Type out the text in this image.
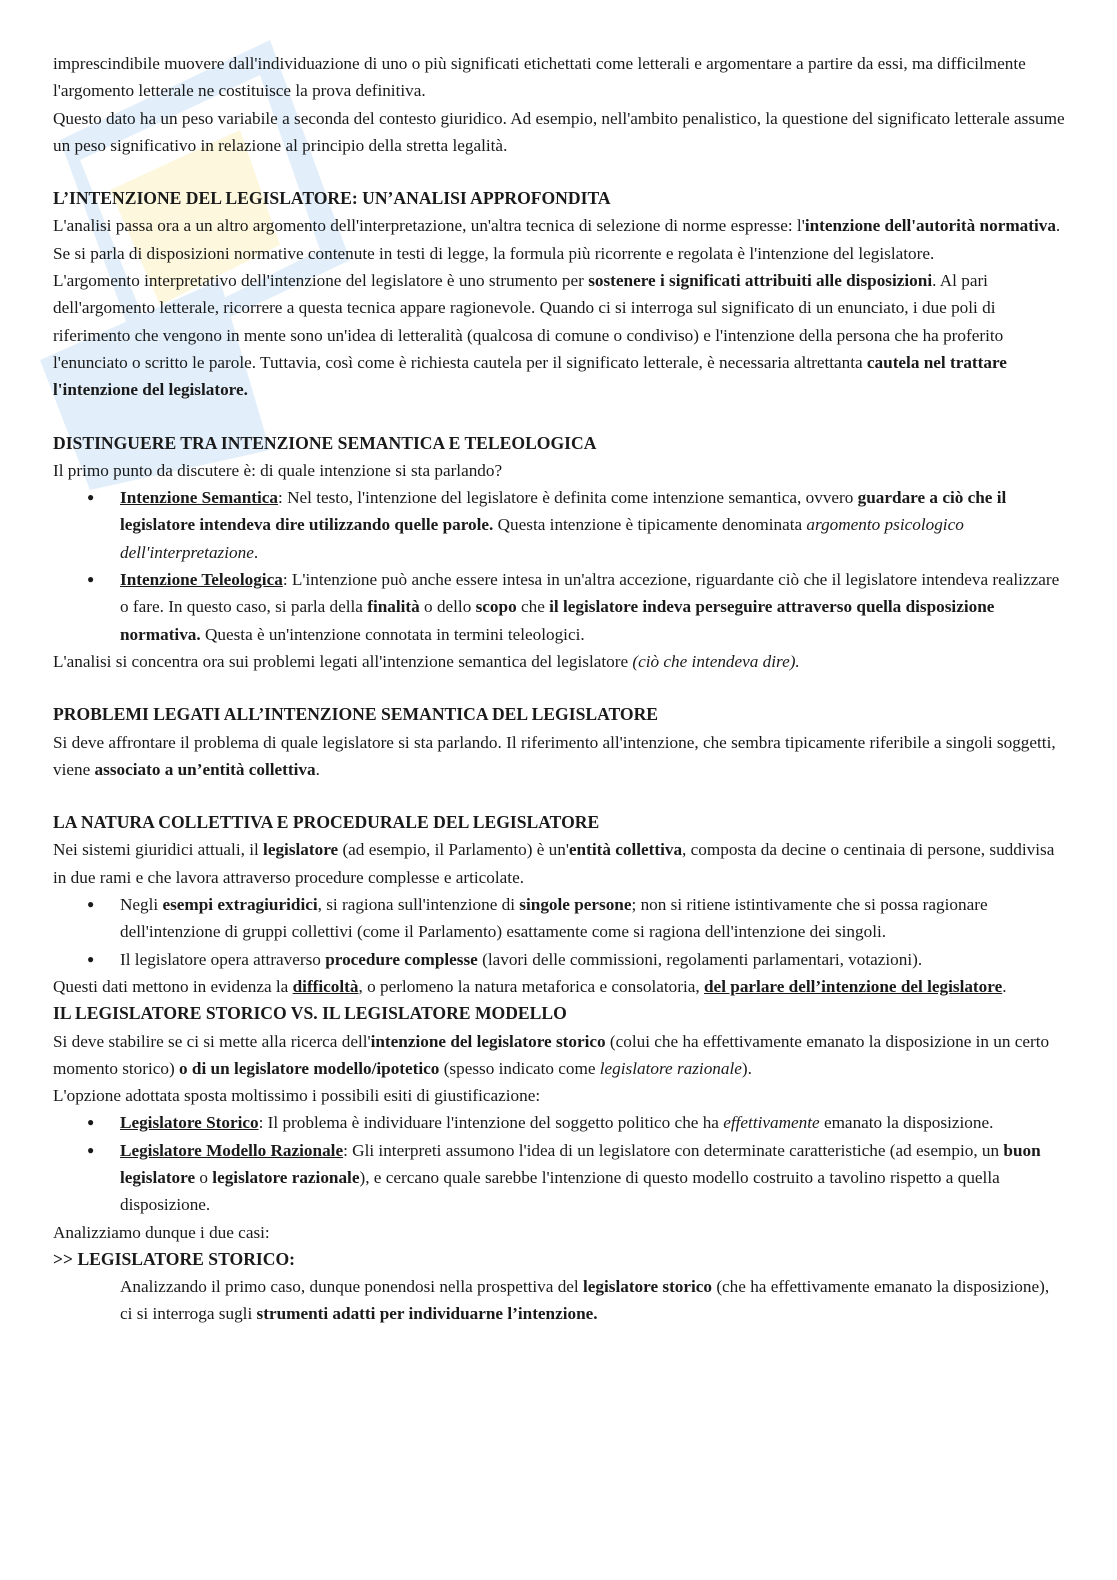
imprescindibile muovere dall'individuazione di uno o più significati etichettati come letterali e argomentare a partire da essi, ma difficilmente l'argomento letterale ne costituisce la prova definitiva.

Questo dato ha un peso variabile a seconda del contesto giuridico. Ad esempio, nell'ambito penalistico, la questione del significato letterale assume un peso significativo in relazione al principio della stretta legalità.

L’INTENZIONE DEL LEGISLATORE: UN’ANALISI APPROFONDITA

L'analisi passa ora a un altro argomento dell'interpretazione, un'altra tecnica di selezione di norme espresse: l'intenzione dell'autorità normativa. Se si parla di disposizioni normative contenute in testi di legge, la formula più ricorrente e regolata è l'intenzione del legislatore.

L'argomento interpretativo dell'intenzione del legislatore è uno strumento per sostenere i significati attribuiti alle disposizioni. Al pari dell'argomento letterale, ricorrere a questa tecnica appare ragionevole. Quando ci si interroga sul significato di un enunciato, i due poli di riferimento che vengono in mente sono un'idea di letteralità (qualcosa di comune o condiviso) e l'intenzione della persona che ha proferito l'enunciato o scritto le parole. Tuttavia, così come è richiesta cautela per il significato letterale, è necessaria altrettanta cautela nel trattare l'intenzione del legislatore.

DISTINGUERE TRA INTENZIONE SEMANTICA E TELEOLOGICA

Il primo punto da discutere è: di quale intenzione si sta parlando?

● Intenzione Semantica: Nel testo, l'intenzione del legislatore è definita come intenzione semantica, ovvero guardare a ciò che il legislatore intendeva dire utilizzando quelle parole. Questa intenzione è tipicamente denominata argomento psicologico dell'interpretazione.
● Intenzione Teleologica: L'intenzione può anche essere intesa in un'altra accezione, riguardante ciò che il legislatore intendeva realizzare o fare. In questo caso, si parla della finalità o dello scopo che il legislatore indeva perseguire attraverso quella disposizione normativa. Questa è un'intenzione connotata in termini teleologici.

L'analisi si concentra ora sui problemi legati all'intenzione semantica del legislatore (ciò che intendeva dire).

PROBLEMI LEGATI ALL’INTENZIONE SEMANTICA DEL LEGISLATORE

Si deve affrontare il problema di quale legislatore si sta parlando. Il riferimento all'intenzione, che sembra tipicamente riferibile a singoli soggetti, viene associato a un’entità collettiva.

LA NATURA COLLETTIVA E PROCEDURALE DEL LEGISLATORE

Nei sistemi giuridici attuali, il legislatore (ad esempio, il Parlamento) è un'entità collettiva, composta da decine o centinaia di persone, suddivisa in due rami e che lavora attraverso procedure complesse e articolate.

● Negli esempi extragiuridici, si ragiona sull'intenzione di singole persone; non si ritiene istintivamente che si possa ragionare dell'intenzione di gruppi collettivi (come il Parlamento) esattamente come si ragiona dell'intenzione dei singoli.
● Il legislatore opera attraverso procedure complesse (lavori delle commissioni, regolamenti parlamentari, votazioni).

Questi dati mettono in evidenza la difficoltà, o perlomeno la natura metaforica e consolatoria, del parlare dell’intenzione del legislatore.

IL LEGISLATORE STORICO VS. IL LEGISLATORE MODELLO

Si deve stabilire se ci si mette alla ricerca dell'intenzione del legislatore storico (colui che ha effettivamente emanato la disposizione in un certo momento storico) o di un legislatore modello/ipotetico (spesso indicato come legislatore razionale).

L'opzione adottata sposta moltissimo i possibili esiti di giustificazione:

● Legislatore Storico: Il problema è individuare l'intenzione del soggetto politico che ha effettivamente emanato la disposizione.
● Legislatore Modello Razionale: Gli interpreti assumono l'idea di un legislatore con determinate caratteristiche (ad esempio, un buon legislatore o legislatore razionale), e cercano quale sarebbe l'intenzione di questo modello costruito a tavolino rispetto a quella disposizione.

Analizziamo dunque i due casi:

>> LEGISLATORE STORICO:

Analizzando il primo caso, dunque ponendosi nella prospettiva del legislatore storico (che ha effettivamente emanato la disposizione), ci si interroga sugli strumenti adatti per individuarne l’intenzione.
